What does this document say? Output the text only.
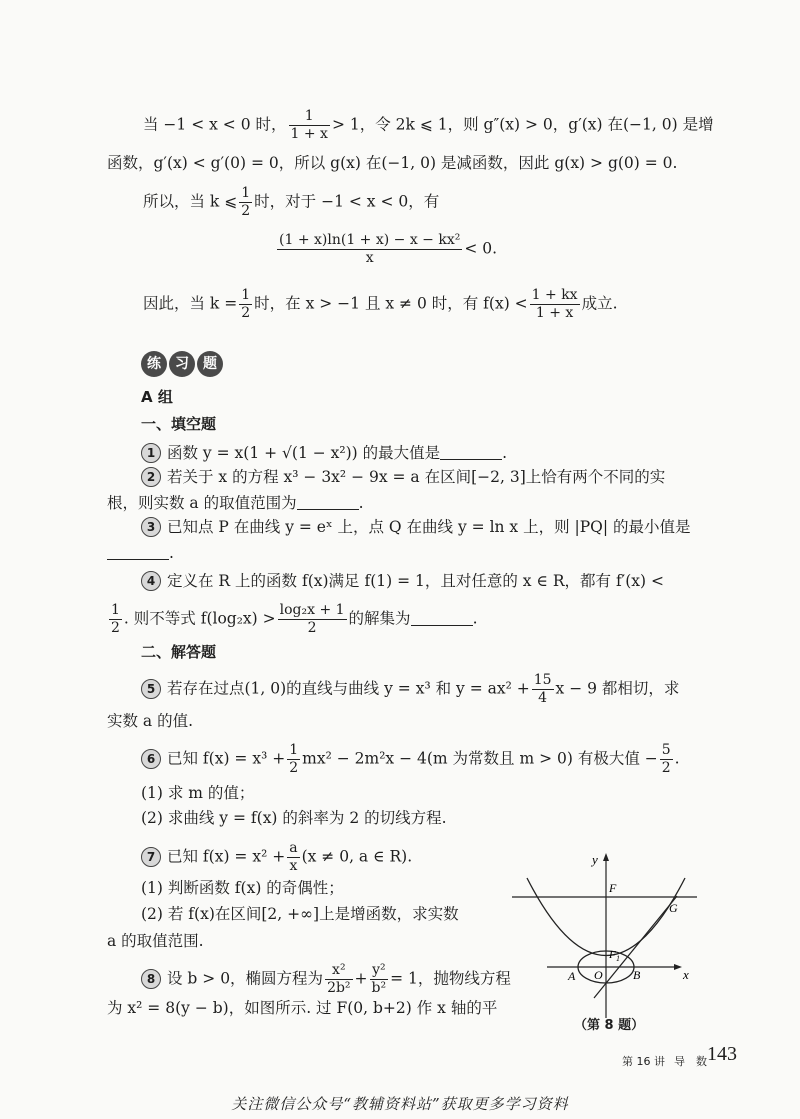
当 −1 < x < 0 时， $\frac{1}{1 + x} > 1$，令 2k ⩽ 1，则 g″(x) > 0，g′(x) 在(−1, 0) 是增
函数，g′(x) < g′(0) = 0，所以 g(x) 在(−1, 0) 是减函数，因此 g(x) > g(0) = 0.
所以，当 k ⩽ $\frac{1}{2}$ 时，对于 −1 < x < 0，有
$\frac{\text{(1 + x)ln(1 + x) − x − kx²}}{x} < 0$.
因此，当 $k = \frac{1}{2}$ 时，在 x > −1 且 x ≠ 0 时，有 $f(x) < \frac{1 + kx}{1 + x}$ 成立.
练 习 题
A 组
一、填空题
1 函数 y = x(1 + √(1 − x²)) 的最大值是	.
2 若关于 x 的方程 x³ − 3x² − 9x = a 在区间[−2, 3]上恰有两个不同的实
根，则实数 a 的取值范围为	.
3 已知点 P 在曲线 y = eˣ 上，点 Q 在曲线 y = ln x 上，则 |PQ| 的最小值是
.
4 定义在 R 上的函数 f(x)满足 f(1) = 1，且对任意的 x ∈ R，都有 f′(x) <
$\frac{1}{2}$ . 则不等式 $f(\log_2x) > \frac{\text{log₂x + 1}}{2}$ 的解集为	.
二、解答题
5 若存在过点(1, 0)的直线与曲线 y = x³ 和 $y = ax^2 + \frac{15}{4}$ x − 9 都相切，求
实数 a 的值.
6 已知 $f(x) = x^3 + \frac{1}{2} mx^2 - 2m^2x - 4(m$ 为常数且 m > 0) 有极大值 − $\frac{5}{2}$ .
(1) 求 m 的值；
(2) 求曲线 y = f(x) 的斜率为 2 的切线方程.
7 已知 $f(x) = x^2 + \frac{a}{x} (x \ne 0$, a ∈ R).
(1) 判断函数 f(x) 的奇偶性；
(2) 若 f(x)在区间[2, +∞]上是增函数，求实数
a 的取值范围.
8 设 b > 0，椭圆方程为 $\frac{\text{x²}}{\text{2b²}} + \frac{\text{y²}}{\text{b²}} = 1$，抛物线方程
为 x² = 8(y − b)，如图所示. 过 F(0, b+2) 作 x 轴的平
y
F
G
F 1
O
A	B	x
（第 8 题）
第 16 讲 导　数 143
关注微信公众号“教辅资料站”获取更多学习资料
